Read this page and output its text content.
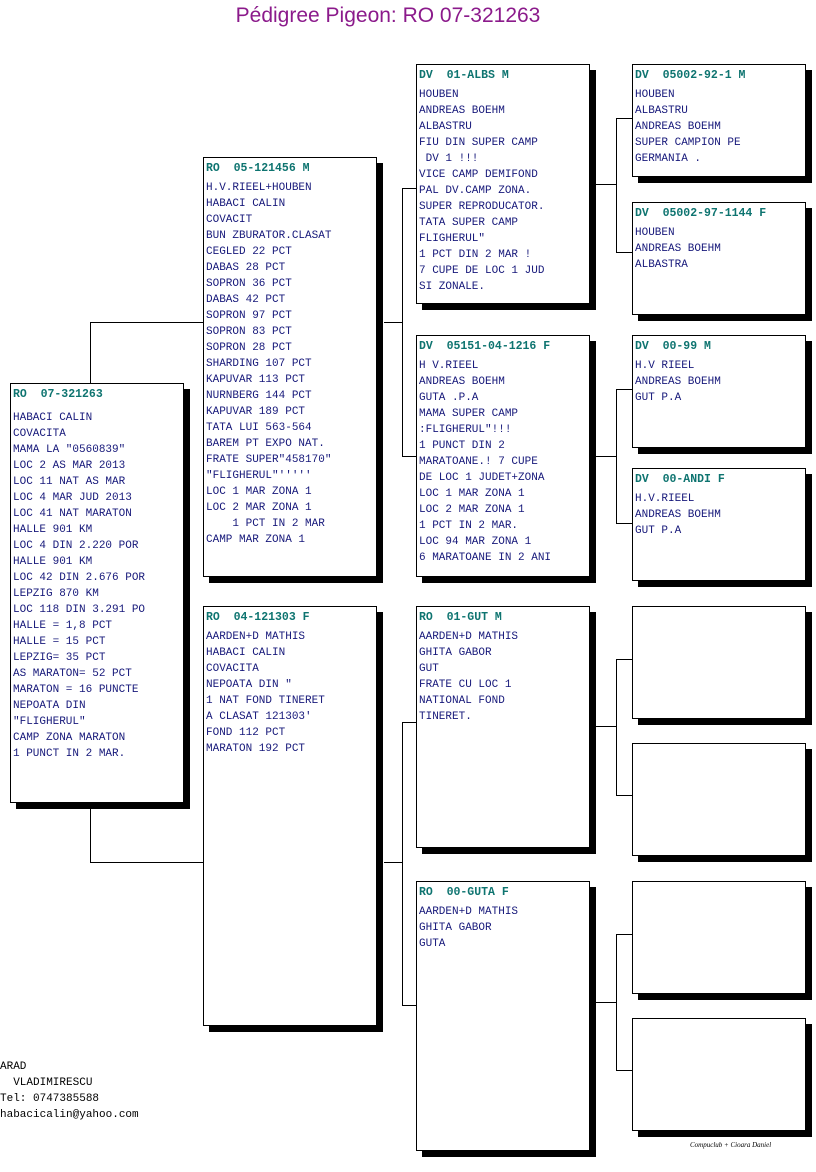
Pédigree Pigeon: RO 07-321263
RO  07-321263
HABACI CALIN
COVACITA
MAMA LA "0560839"
LOC 2 AS MAR 2013
LOC 11 NAT AS MAR
LOC 4 MAR JUD 2013
LOC 41 NAT MARATON
HALLE 901 KM
LOC 4 DIN 2.220 POR
HALLE 901 KM
LOC 42 DIN 2.676 POR
LEPZIG 870 KM
LOC 118 DIN 3.291 PO
HALLE = 1,8 PCT
HALLE = 15 PCT
LEPZIG= 35 PCT
AS MARATON= 52 PCT
MARATON = 16 PUNCTE
NEPOATA DIN
"FLIGHERUL"
CAMP ZONA MARATON
1 PUNCT IN 2 MAR.
RO  05-121456 M
H.V.RIEEL+HOUBEN
HABACI CALIN
COVACIT
BUN ZBURATOR.CLASAT
CEGLED 22 PCT
DABAS 28 PCT
SOPRON 36 PCT
DABAS 42 PCT
SOPRON 97 PCT
SOPRON 83 PCT
SOPRON 28 PCT
SHARDING 107 PCT
KAPUVAR 113 PCT
NURNBERG 144 PCT
KAPUVAR 189 PCT
TATA LUI 563-564
BAREM PT EXPO NAT.
FRATE SUPER"458170"
"FLIGHERUL"'''''
LOC 1 MAR ZONA 1
LOC 2 MAR ZONA 1
1 PCT IN 2 MAR
CAMP MAR ZONA 1
RO  04-121303 F
AARDEN+D MATHIS
HABACI CALIN
COVACITA
NEPOATA DIN "
1 NAT FOND TINERET
A CLASAT 121303'
FOND 112 PCT
MARATON 192 PCT
DV  01-ALBS M
HOUBEN
ANDREAS BOEHM
ALBASTRU
FIU DIN SUPER CAMP
DV 1 !!!
VICE CAMP DEMIFOND
PAL DV.CAMP ZONA.
SUPER REPRODUCATOR.
TATA SUPER CAMP
FLIGHERUL"
1 PCT DIN 2 MAR !
7 CUPE DE LOC 1 JUD
SI ZONALE.
DV  05151-04-1216 F
H V.RIEEL
ANDREAS BOEHM
GUTA .P.A
MAMA SUPER CAMP
:FLIGHERUL"!!!
1 PUNCT DIN 2
MARATOANE.! 7 CUPE
DE LOC 1 JUDET+ZONA
LOC 1 MAR ZONA 1
LOC 2 MAR ZONA 1
1 PCT IN 2 MAR.
LOC 94 MAR ZONA 1
6 MARATOANE IN 2 ANI
RO  01-GUT M
AARDEN+D MATHIS
GHITA GABOR
GUT
FRATE CU LOC 1
NATIONAL FOND
TINERET.
RO  00-GUTA F
AARDEN+D MATHIS
GHITA GABOR
GUTA
DV  05002-92-1 M
HOUBEN
ALBASTRU
ANDREAS BOEHM
SUPER CAMPION PE
GERMANIA .
DV  05002-97-1144 F
HOUBEN
ANDREAS BOEHM
ALBASTRA
DV  00-99 M
H.V RIEEL
ANDREAS BOEHM
GUT P.A
DV  00-ANDI F
H.V.RIEEL
ANDREAS BOEHM
GUT P.A
ARAD
VLADIMIRESCU
Tel: 0747385588
habacicalin@yahoo.com
Compuclub + Cioara Daniel
